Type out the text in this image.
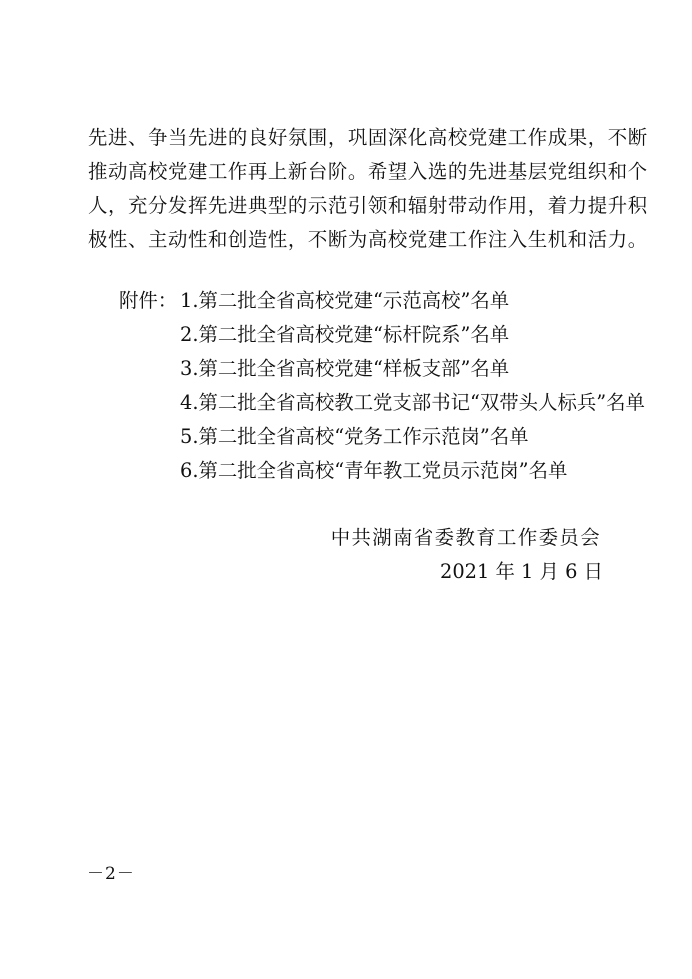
先进、争当先进的良好氛围，巩固深化高校党建工作成果，不断
推动高校党建工作再上新台阶。希望入选的先进基层党组织和个
人，充分发挥先进典型的示范引领和辐射带动作用，着力提升积
极性、主动性和创造性，不断为高校党建工作注入生机和活力。
附件： 1.第二批全省高校党建“示范高校”名单
2.第二批全省高校党建“标杆院系”名单
3.第二批全省高校党建“样板支部”名单
4.第二批全省高校教工党支部书记“双带头人标兵”名单
5.第二批全省高校“党务工作示范岗”名单
6.第二批全省高校“青年教工党员示范岗”名单
中共湖南省委教育工作委员会
2021 年 1 月 6 日
－2－
